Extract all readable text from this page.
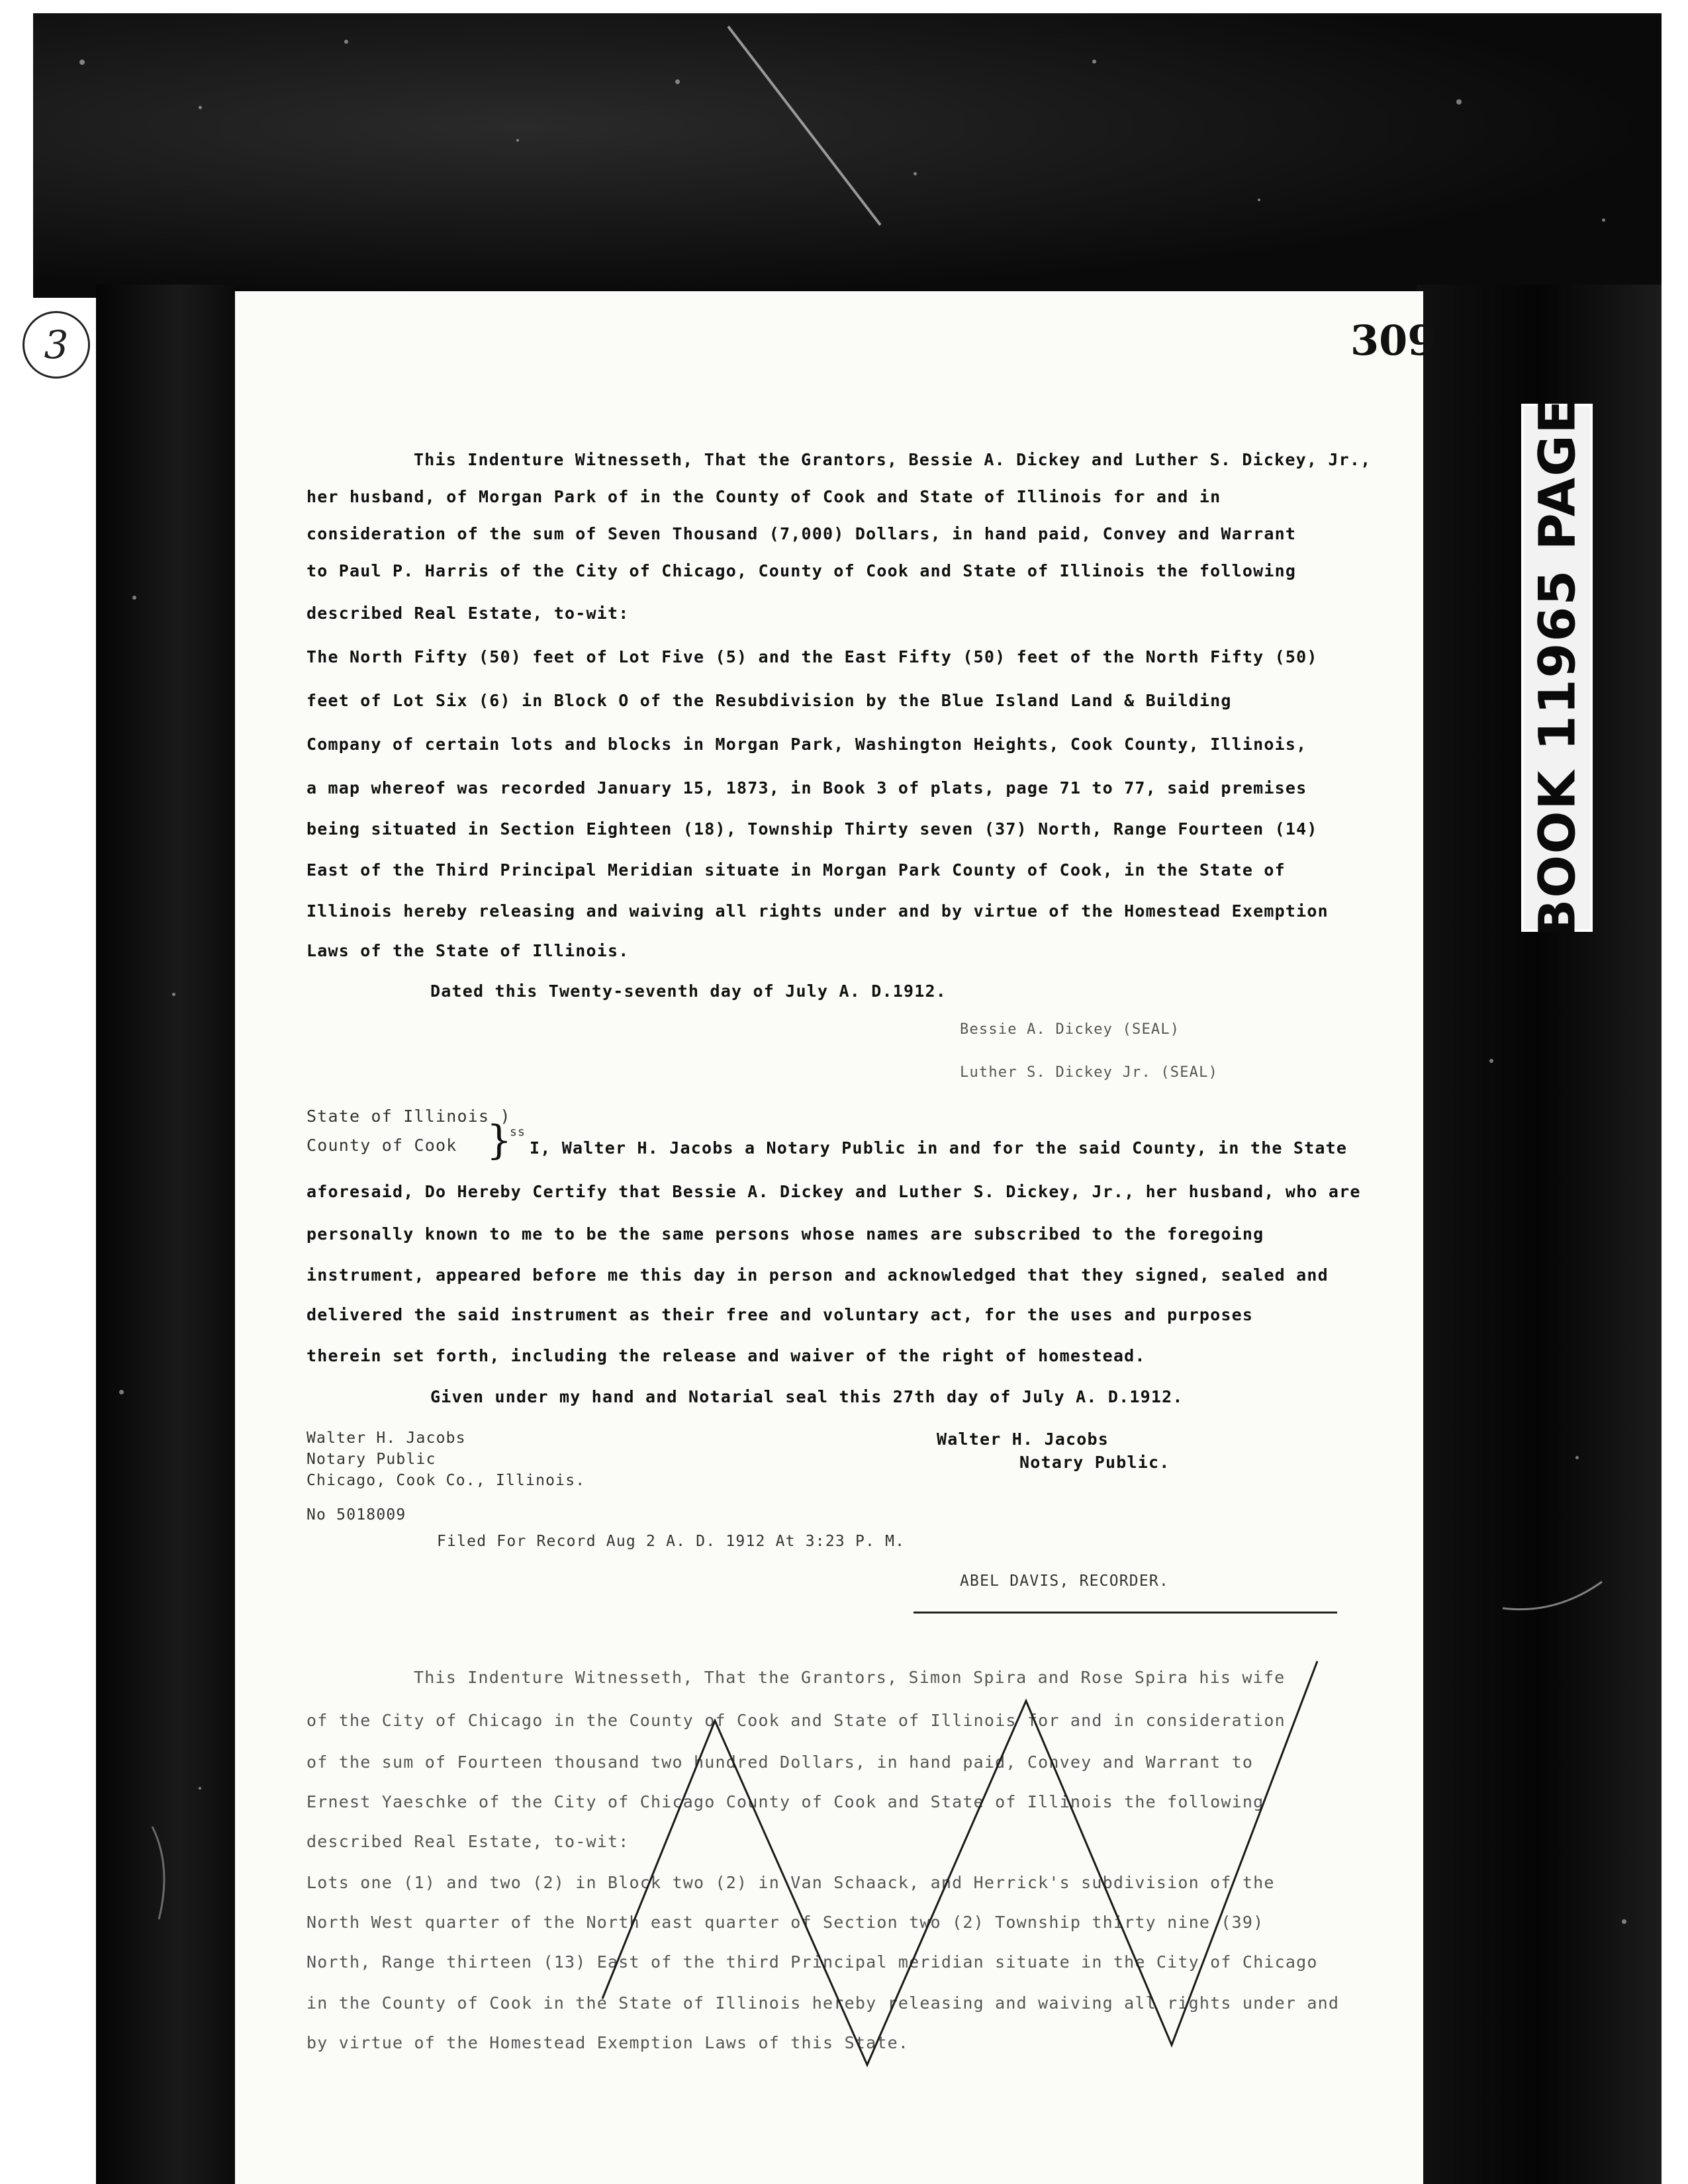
3	309
BOOK 11965 PAGE
This Indenture Witnesseth, That the Grantors, Bessie A. Dickey and Luther S. Dickey, Jr.,
her husband, of Morgan Park of in the County of Cook and State of Illinois for and in
consideration of the sum of Seven Thousand (7,000) Dollars, in hand paid, Convey and Warrant
to Paul P. Harris of the City of Chicago, County of Cook and State of Illinois the following
described Real Estate, to-wit:
The North Fifty (50) feet of Lot Five (5) and the East Fifty (50) feet of the North Fifty (50)
feet of Lot Six (6) in Block O of the Resubdivision by the Blue Island Land & Building
Company of certain lots and blocks in Morgan Park, Washington Heights, Cook County, Illinois,
a map whereof was recorded January 15, 1873, in Book 3 of plats, page 71 to 77, said premises
being situated in Section Eighteen (18), Township Thirty seven (37) North, Range Fourteen (14)
East of the Third Principal Meridian situate in Morgan Park County of Cook, in the State of
Illinois hereby releasing and waiving all rights under and by virtue of the Homestead Exemption
Laws of the State of Illinois.
Dated this Twenty-seventh day of July A. D.1912.
Bessie A. Dickey (SEAL)
Luther S. Dickey Jr. (SEAL)
State of Illinois )
County of Cook }
ss
I, Walter H. Jacobs a Notary Public in and for the said County, in the State
aforesaid, Do Hereby Certify that Bessie A. Dickey and Luther S. Dickey, Jr., her husband, who are
personally known to me to be the same persons whose names are subscribed to the foregoing
instrument, appeared before me this day in person and acknowledged that they signed, sealed and
delivered the said instrument as their free and voluntary act, for the uses and purposes
therein set forth, including the release and waiver of the right of homestead.
Given under my hand and Notarial seal this 27th day of July A. D.1912.
Walter H. Jacobs
Notary Public
Chicago, Cook Co., Illinois.
Walter H. Jacobs
Notary Public.
No 5018009
Filed For Record Aug 2 A. D. 1912 At 3:23 P. M.
ABEL DAVIS, RECORDER.
This Indenture Witnesseth, That the Grantors, Simon Spira and Rose Spira his wife
of the City of Chicago in the County of Cook and State of Illinois for and in consideration
of the sum of Fourteen thousand two hundred Dollars, in hand paid, Convey and Warrant to
Ernest Yaeschke of the City of Chicago County of Cook and State of Illinois the following
described Real Estate, to-wit:
Lots one (1) and two (2) in Block two (2) in Van Schaack, and Herrick's subdivision of the
North West quarter of the North east quarter of Section two (2) Township thirty nine (39)
North, Range thirteen (13) East of the third Principal meridian situate in the City of Chicago
in the County of Cook in the State of Illinois hereby releasing and waiving all rights under and
by virtue of the Homestead Exemption Laws of this State.
